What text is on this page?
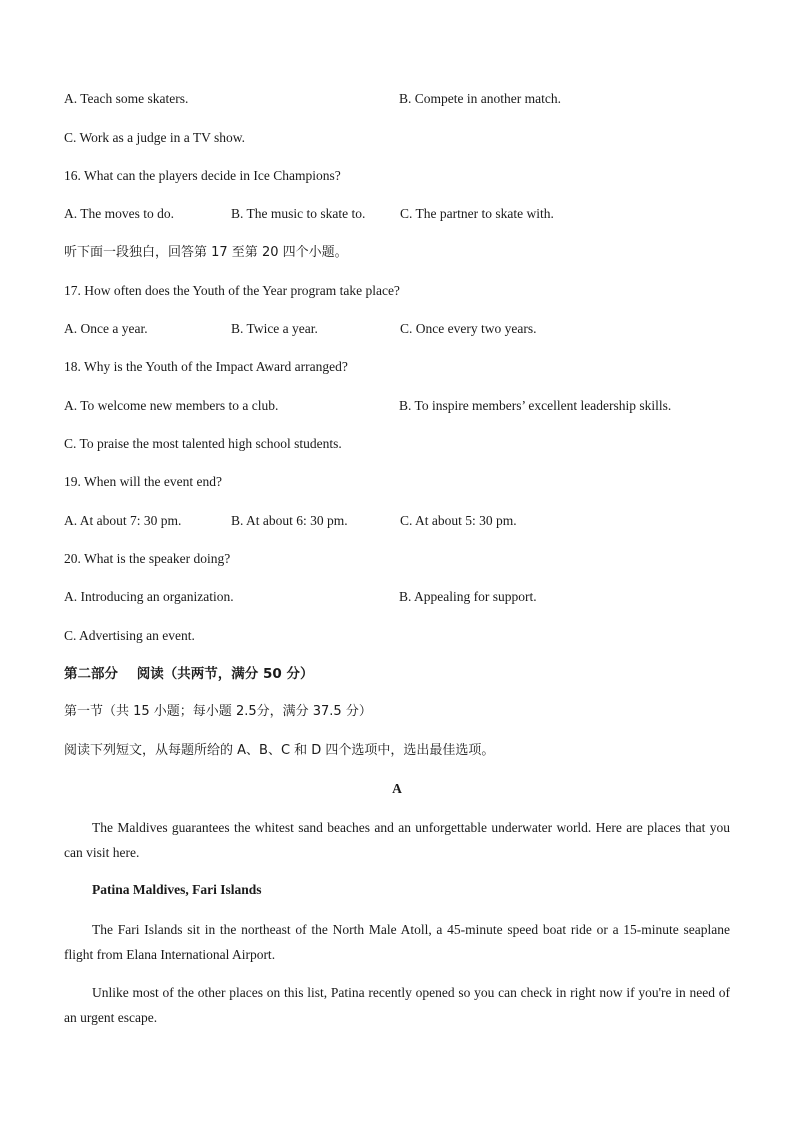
A. Teach some skaters.	B. Compete in another match.
C. Work as a judge in a TV show.
16. What can the players decide in Ice Champions?
A. The moves to do.	B. The music to skate to.	C. The partner to skate with.
听下面一段独白，回答第 17 至第 20 四个小题。
17. How often does the Youth of the Year program take place?
A. Once a year.	B. Twice a year.	C. Once every two years.
18. Why is the Youth of the Impact Award arranged?
A. To welcome new members to a club.	B. To inspire members’ excellent leadership skills.
C. To praise the most talented high school students.
19. When will the event end?
A. At about 7: 30 pm.	B. At about 6: 30 pm.	C. At about 5: 30 pm.
20. What is the speaker doing?
A. Introducing an organization.	B. Appealing for support.
C. Advertising an event.
第二部分    阅读（共两节，满分 50 分）
第一节（共 15 小题；每小题 2.5分，满分 37.5 分）
阅读下列短文，从每题所给的 A、B、C 和 D 四个选项中，选出最佳选项。
A
The Maldives guarantees the whitest sand beaches and an unforgettable underwater world. Here are places that you can visit here.
Patina Maldives, Fari Islands
The Fari Islands sit in the northeast of the North Male Atoll, a 45-minute speed boat ride or a 15-minute seaplane flight from Elana International Airport.
Unlike most of the other places on this list, Patina recently opened so you can check in right now if you're in need of an urgent escape.
